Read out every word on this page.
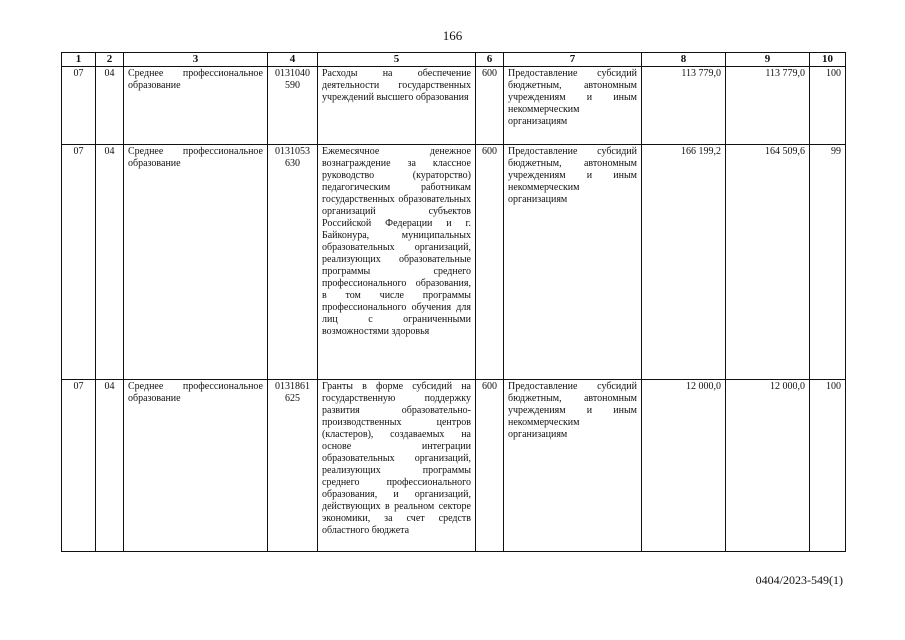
166
1	2	3	4	5	6	7	8	9	10
07	04	Среднее профессиональное образование	0131040 590	Расходы на обеспечение деятельности государственных учреждений высшего образования	600	Предоставление субсидий бюджетным, автономным учреждениям и иным некоммерческим организациям	113 779,0	113 779,0	100
07	04	Среднее профессиональное образование	0131053 630	Ежемесячное денежное вознаграждение за классное руководство (кураторство) педагогическим работникам государственных образовательных организаций субъектов Российской Федерации и г. Байконура, муниципальных образовательных организаций, реализующих образовательные программы среднего профессионального образования, в том числе программы профессионального обучения для лиц с ограниченными возможностями здоровья	600	Предоставление субсидий бюджетным, автономным учреждениям и иным некоммерческим организациям	166 199,2	164 509,6	99
07	04	Среднее профессиональное образование	0131861 625	Гранты в форме субсидий на государственную поддержку развития образовательно-производственных центров (кластеров), создаваемых на основе интеграции образовательных организаций, реализующих программы среднего профессионального образования, и организаций, действующих в реальном секторе экономики, за счет средств областного бюджета	600	Предоставление субсидий бюджетным, автономным учреждениям и иным некоммерческим организациям	12 000,0	12 000,0	100
0404/2023-549(1)
